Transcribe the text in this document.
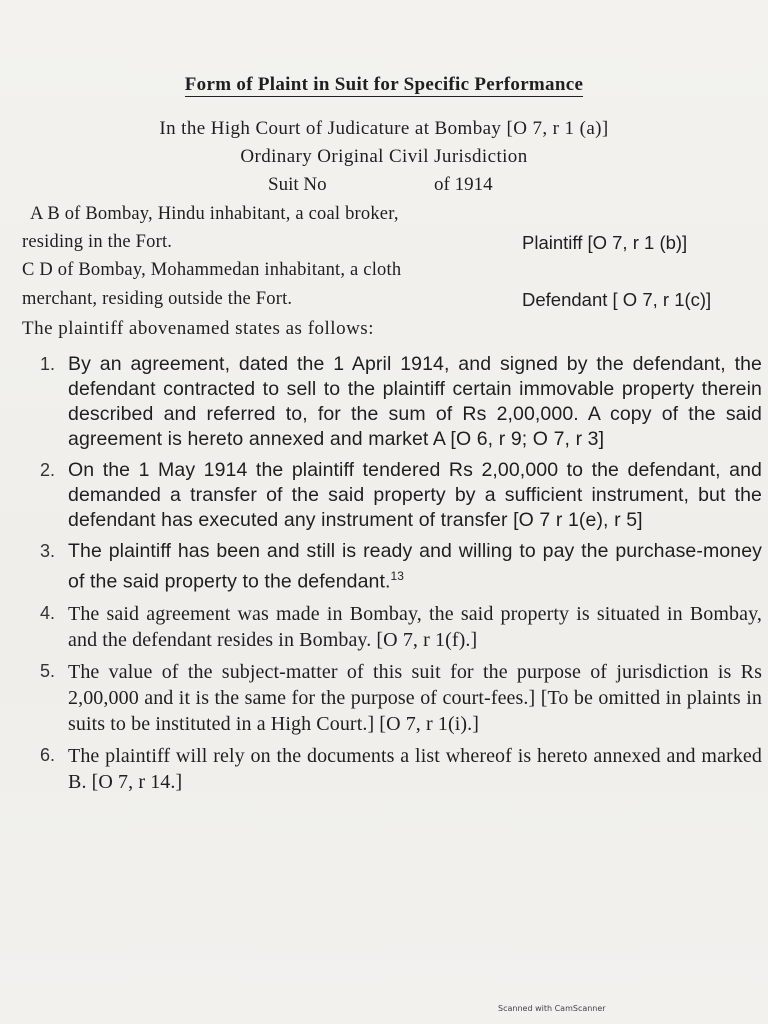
Form of Plaint in Suit for Specific Performance
In the High Court of Judicature at Bombay [O 7, r 1 (a)]
Ordinary Original Civil Jurisdiction
Suit No	of 1914
A B of Bombay, Hindu inhabitant, a coal broker,
residing in the Fort.	Plaintiff [O 7, r 1 (b)]
C D of Bombay, Mohammedan inhabitant, a cloth
merchant, residing outside the Fort.	Defendant [ O 7, r 1(c)]
The plaintiff abovenamed states as follows:
1. By an agreement, dated the 1 April 1914, and signed by the defendant, the defendant contracted to sell to the plaintiff certain immovable property therein described and referred to, for the sum of Rs 2,00,000. A copy of the said agreement is hereto annexed and market A [O 6, r 9; O 7, r 3]
2. On the 1 May 1914 the plaintiff tendered Rs 2,00,000 to the defendant, and demanded a transfer of the said property by a sufficient instrument, but the defendant has executed any instrument of transfer [O 7 r 1(e), r 5]
3. The plaintiff has been and still is ready and willing to pay the purchase-money of the said property to the defendant.$^{13}$
4. The said agreement was made in Bombay, the said property is situated in Bombay, and the defendant resides in Bombay. [O 7, r 1(f).]
5. The value of the subject-matter of this suit for the purpose of jurisdiction is Rs 2,00,000 and it is the same for the purpose of court-fees.] [To be omitted in plaints in suits to be instituted in a High Court.] [O 7, r 1(i).]
6. The plaintiff will rely on the documents a list whereof is hereto annexed and marked B. [O 7, r 14.]
Scanned with CamScanner
